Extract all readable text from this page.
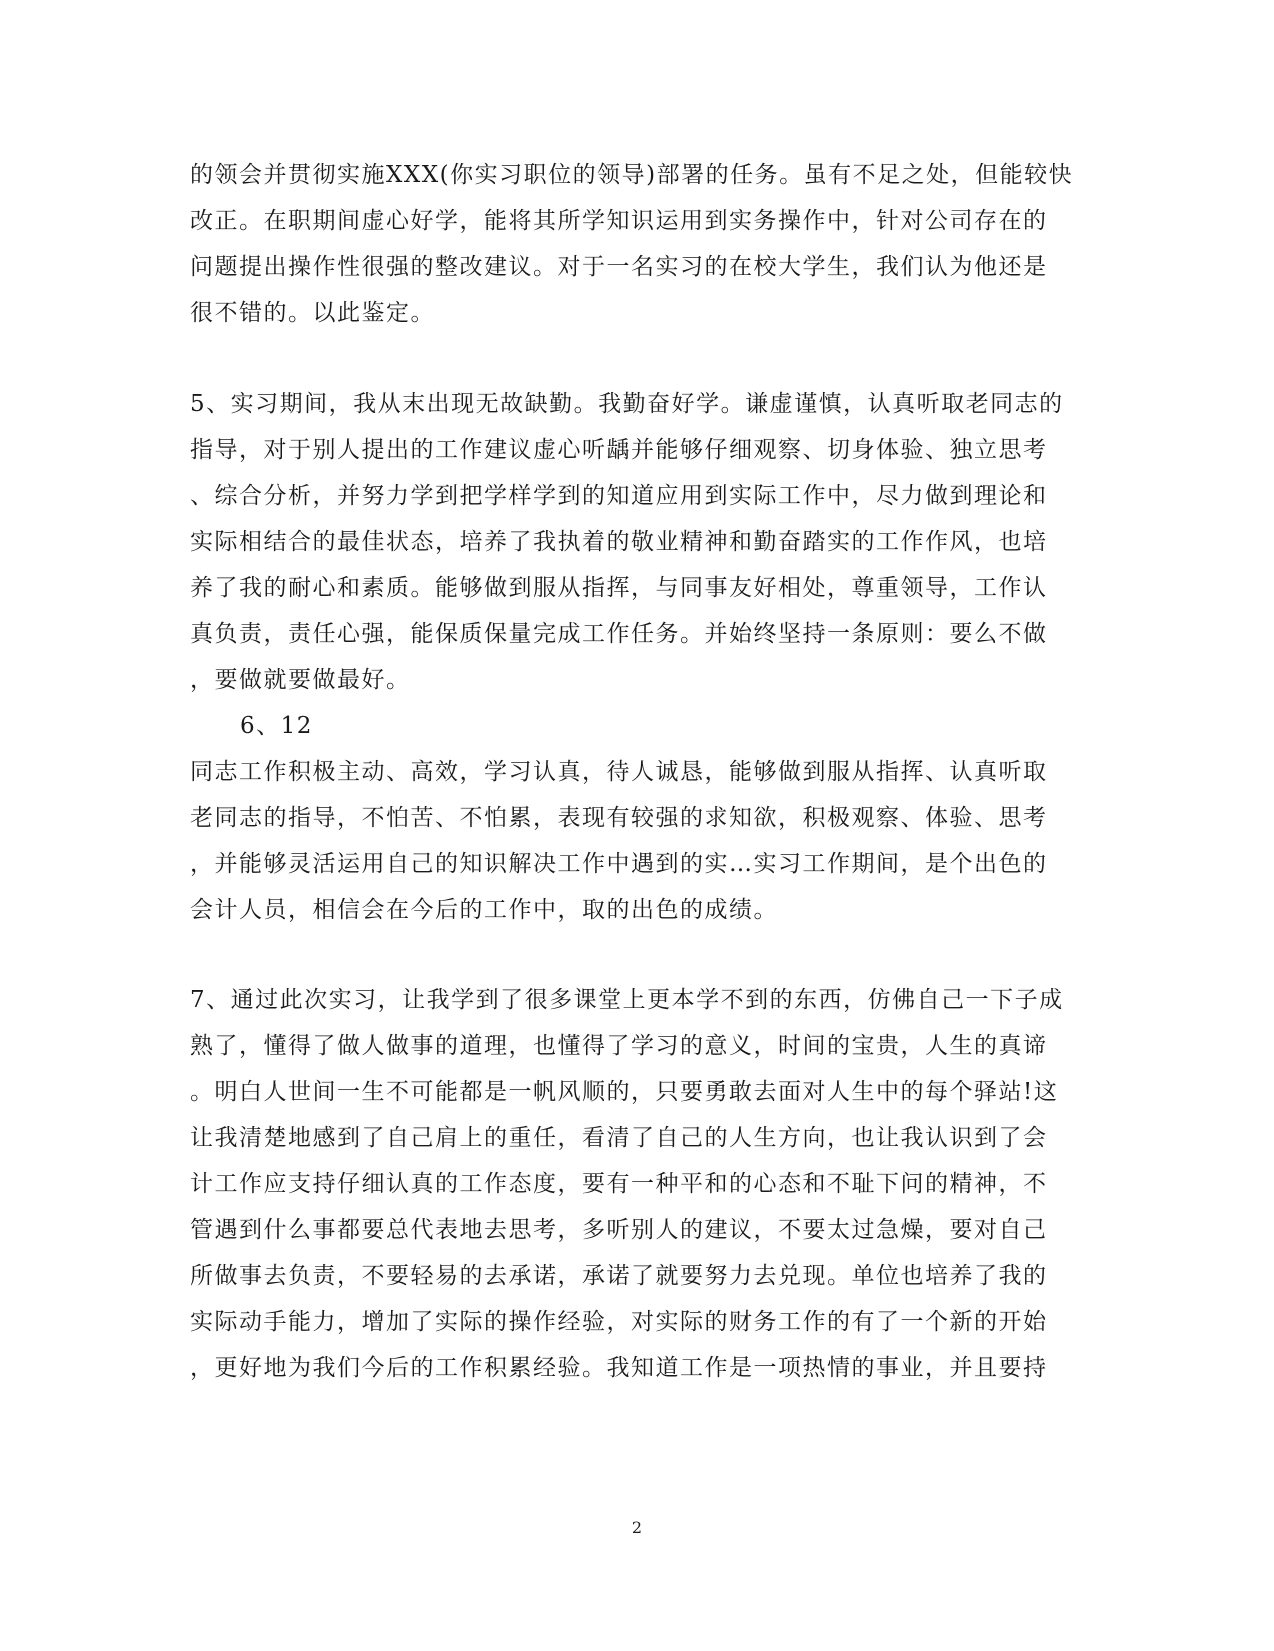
的领会并贯彻实施XXX(你实习职位的领导)部署的任务。虽有不足之处，但能较快
改正。在职期间虚心好学，能将其所学知识运用到实务操作中，针对公司存在的
问题提出操作性很强的整改建议。对于一名实习的在校大学生，我们认为他还是
很不错的。以此鉴定。
5、实习期间，我从末出现无故缺勤。我勤奋好学。谦虚谨慎，认真听取老同志的
指导，对于别人提出的工作建议虚心听龋并能够仔细观察、切身体验、独立思考
、综合分析，并努力学到把学样学到的知道应用到实际工作中，尽力做到理论和
实际相结合的最佳状态，培养了我执着的敬业精神和勤奋踏实的工作作风，也培
养了我的耐心和素质。能够做到服从指挥，与同事友好相处，尊重领导，工作认
真负责，责任心强，能保质保量完成工作任务。并始终坚持一条原则：要么不做
，要做就要做最好。
6、12
同志工作积极主动、高效，学习认真，待人诚恳，能够做到服从指挥、认真听取
老同志的指导，不怕苦、不怕累，表现有较强的求知欲，积极观察、体验、思考
，并能够灵活运用自己的知识解决工作中遇到的实…实习工作期间，是个出色的
会计人员，相信会在今后的工作中，取的出色的成绩。
7、通过此次实习，让我学到了很多课堂上更本学不到的东西，仿佛自己一下子成
熟了，懂得了做人做事的道理，也懂得了学习的意义，时间的宝贵，人生的真谛
。明白人世间一生不可能都是一帆风顺的，只要勇敢去面对人生中的每个驿站!这
让我清楚地感到了自己肩上的重任，看清了自己的人生方向，也让我认识到了会
计工作应支持仔细认真的工作态度，要有一种平和的心态和不耻下问的精神，不
管遇到什么事都要总代表地去思考，多听别人的建议，不要太过急燥，要对自己
所做事去负责，不要轻易的去承诺，承诺了就要努力去兑现。单位也培养了我的
实际动手能力，增加了实际的操作经验，对实际的财务工作的有了一个新的开始
，更好地为我们今后的工作积累经验。我知道工作是一项热情的事业，并且要持
2
